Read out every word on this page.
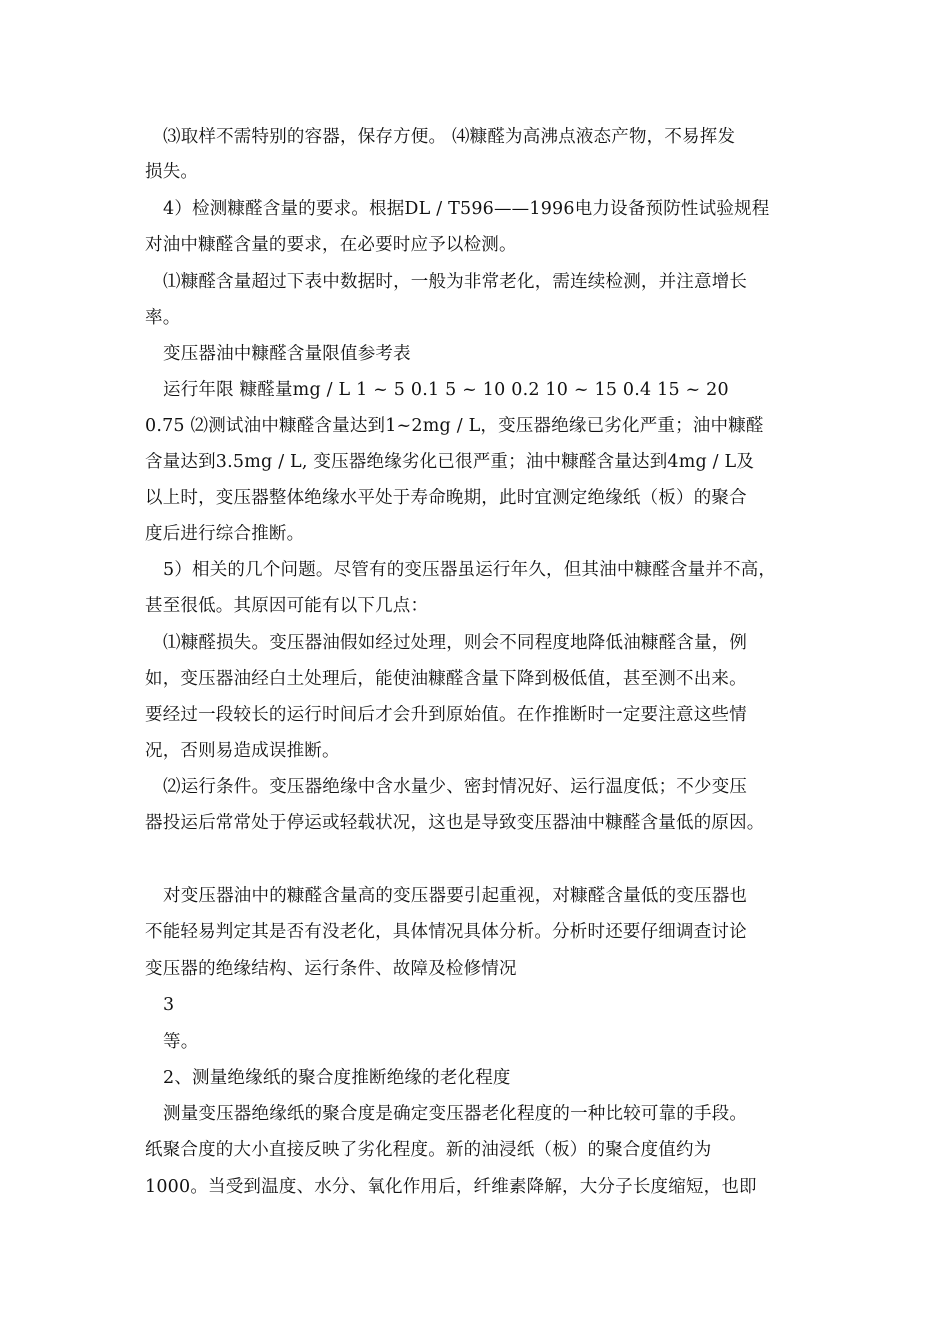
⑶取样不需特别的容器，保存方便。 ⑷糠醛为高沸点液态产物，不易挥发
损失。
4）检测糠醛含量的要求。根据DL / T596——1996电力设备预防性试验规程
对油中糠醛含量的要求，在必要时应予以检测。
⑴糠醛含量超过下表中数据时，一般为非常老化，需连续检测，并注意增长
率。
变压器油中糠醛含量限值参考表
运行年限 糠醛量mg / L 1 ~ 5 0.1 5 ~ 10 0.2 10 ~ 15 0.4 15 ~ 20
0.75 ⑵测试油中糠醛含量达到1~2mg / L，变压器绝缘已劣化严重；油中糠醛
含量达到3.5mg / L, 变压器绝缘劣化已很严重；油中糠醛含量达到4mg / L及
以上时，变压器整体绝缘水平处于寿命晚期，此时宜测定绝缘纸（板）的聚合
度后进行综合推断。
5）相关的几个问题。尽管有的变压器虽运行年久，但其油中糠醛含量并不高，
甚至很低。其原因可能有以下几点：
⑴糠醛损失。变压器油假如经过处理，则会不同程度地降低油糠醛含量，例
如，变压器油经白土处理后，能使油糠醛含量下降到极低值，甚至测不出来。
要经过一段较长的运行时间后才会升到原始值。在作推断时一定要注意这些情
况，否则易造成误推断。
⑵运行条件。变压器绝缘中含水量少、密封情况好、运行温度低；不少变压
器投运后常常处于停运或轻载状况，这也是导致变压器油中糠醛含量低的原因。
对变压器油中的糠醛含量高的变压器要引起重视，对糠醛含量低的变压器也
不能轻易判定其是否有没老化，具体情况具体分析。分析时还要仔细调查讨论
变压器的绝缘结构、运行条件、故障及检修情况
3
等。
2、测量绝缘纸的聚合度推断绝缘的老化程度
测量变压器绝缘纸的聚合度是确定变压器老化程度的一种比较可靠的手段。
纸聚合度的大小直接反映了劣化程度。新的油浸纸（板）的聚合度值约为
1000。当受到温度、水分、氧化作用后，纤维素降解，大分子长度缩短，也即
